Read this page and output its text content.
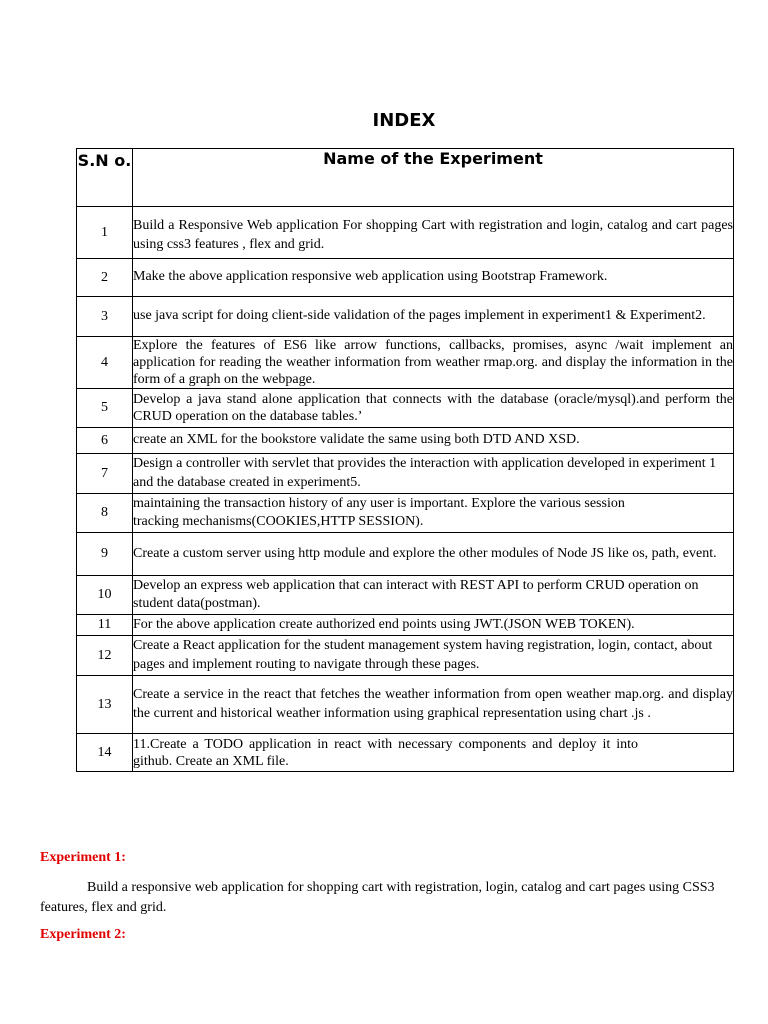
INDEX
S.N o.	Name of the Experiment
1	Build a Responsive Web application For shopping Cart with registration and login, catalog and cart pages using css3 features , flex and grid.
2	Make the above application responsive web application using Bootstrap Framework.
3	use java script for doing client-side validation of the pages implement in experiment1 & Experiment2.
4	Explore the features of ES6 like arrow functions, callbacks, promises, async /wait implement an application for reading the weather information from weather rmap.org. and display the information in the form of a graph on the webpage.
5	Develop a java stand alone application that connects with the database (oracle/mysql).and perform the CRUD operation on the database tables.’
6	create an XML for the bookstore validate the same using both DTD AND XSD.
7	Design a controller with servlet that provides the interaction with application developed in experiment 1 and the database created in experiment5.
8	maintaining the transaction history of any user is important. Explore the various session tracking mechanisms(COOKIES,HTTP SESSION).
9	Create a custom server using http module and explore the other modules of Node JS like os, path, event.
10	Develop an express web application that can interact with REST API to perform CRUD operation on student data(postman).
11	For the above application create authorized end points using JWT.(JSON WEB TOKEN).
12	Create a React application for the student management system having registration, login, contact, about pages and implement routing to navigate through these pages.
13	Create a service in the react that fetches the weather information from open weather map.org. and display the current and historical weather information using graphical representation using chart .js .
14	11.Create a TODO application in react with necessary components and deploy it into github. Create an XML file.
Experiment 1:

Build a responsive web application for shopping cart with registration, login, catalog and cart pages using CSS3 features, flex and grid.

Experiment 2:
